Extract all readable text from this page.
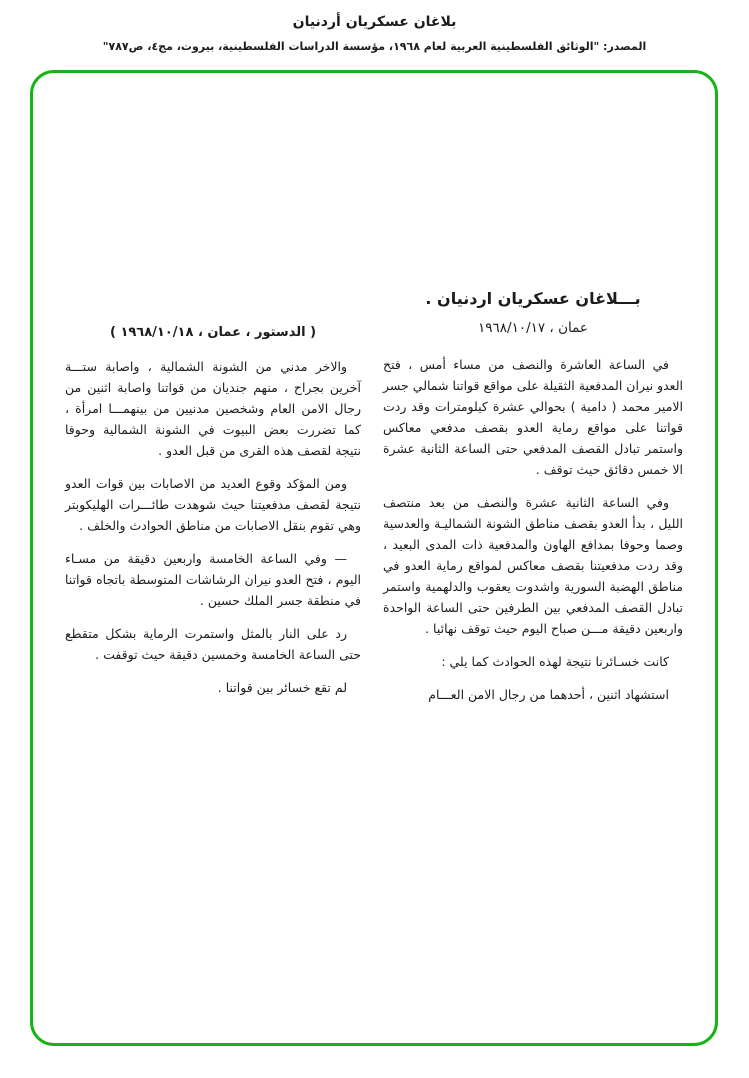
بلاغان عسكريان أردنيان
المصدر: "الوثائق الفلسطينية العربية لعام ١٩٦٨، مؤسسة الدراسات الفلسطينية، بيروت، مج٤، ص٧٨٧"
بـــلاغان عسكريان اردنيان .
عمان ، ١٩٦٨/١٠/١٧

في الساعة العاشرة والنصف من مساء أمس ، فتح العدو نيران المدفعية الثقيلة على مواقع قواتنا شمالي جسر الامير محمد ( دامية ) بحوالي عشرة كيلومترات وقد ردت قواتنا على مواقع رماية العدو بقصف مدفعي معاكس واستمر تبادل القصف المدفعي حتى الساعة الثانية عشرة الا خمس دقائق حيث توقف .

وفي الساعة الثانية عشرة والنصف من بعد منتصف الليل ، بدأ العدو بقصف مناطق الشونة الشماليـة والعدسية وصما وحوفا بمدافع الهاون والمدفعية ذات المدى البعيد ، وقد ردت مدفعيتنا بقصف معاكس لمواقع رماية العدو في مناطق الهضبة السورية واشدوت يعقوب والدلهمية واستمر تبادل القصف المدفعي بين الطرفين حتى الساعة الواحدة واربعين دقيقة مـــن صباح اليوم حيث توقف نهائيا .

كانت خسـائرنا نتيجة لهذه الحوادث كما يلي :

استشهاد اثنين ، أحدهما من رجال الامن العـــام

( الدستور ، عمان ، ١٩٦٨/١٠/١٨ )

والاخر مدني من الشونة الشمالية ، واصابة ستـــة آخرين بجراح ، منهم جنديان من قواتنا واصابة اثنين من رجال الامن العام وشخصين مدنيين من بينهمـــا امرأة ، كما تضررت بعض البيوت في الشونة الشمالية وحوفا نتيجة لقصف هذه القرى من قبل العدو .

ومن المؤكد وقوع العديد من الاصابات بين قوات العدو نتيجة لقصف مدفعيتنا حيث شوهدت طائـــرات الهليكوبتر وهي تقوم بنقل الاصابات من مناطق الحوادث والخلف .

— وفي الساعة الخامسة واربعين دقيقة من مسـاء اليوم ، فتح العدو نيران الرشاشات المتوسطة باتجاه قواتنا في منطقة جسر الملك حسين .

رد على النار بالمثل واستمرت الرماية بشكل متقطع حتى الساعة الخامسة وخمسين دقيقة حيث توقفت .

لم تقع خسائر بين قواتنا .
